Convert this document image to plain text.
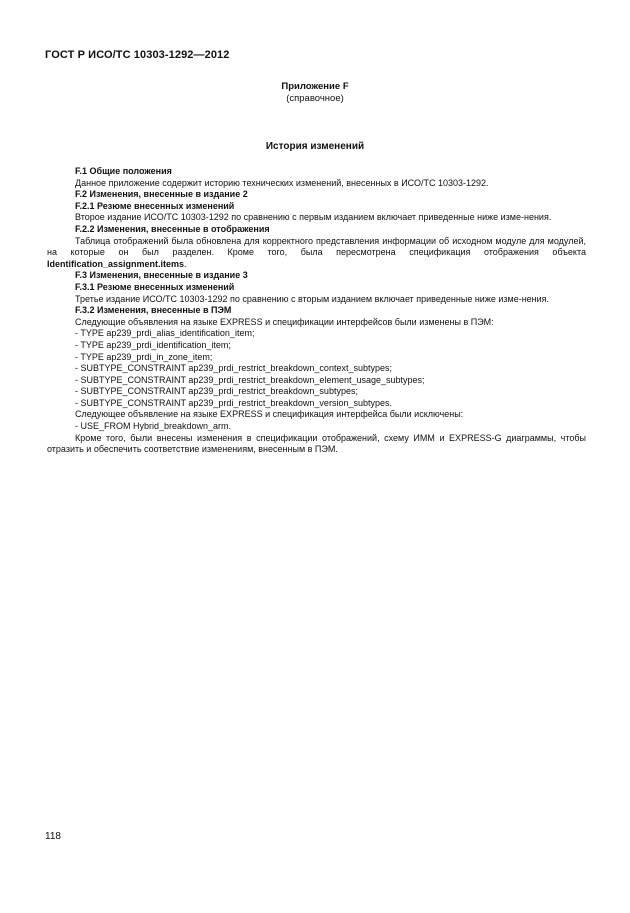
ГОСТ Р ИСО/ТС 10303-1292—2012
Приложение F
(справочное)
История изменений

F.1 Общие положения

Данное приложение содержит историю технических изменений, внесенных в ИСО/ТС 10303-1292.

F.2 Изменения, внесенные в издание 2

F.2.1 Резюме внесенных изменений

Второе издание ИСО/ТС 10303-1292 по сравнению с первым изданием включает приведенные ниже изме-нения.

F.2.2 Изменения, внесенные в отображения

Таблица отображений была обновлена для корректного представления информации об исходном модуле для модулей, на которые он был разделен. Кроме того, была пересмотрена спецификация отображения объекта Identification_assignment.items.

F.3 Изменения, внесенные в издание 3

F.3.1 Резюме внесенных изменений

Третье издание ИСО/ТС 10303-1292 по сравнению с вторым изданием включает приведенные ниже изме-нения.

F.3.2 Изменения, внесенные в ПЭМ

Следующие объявления на языке EXPRESS и спецификации интерфейсов были изменены в ПЭМ:

- TYPE ap239_prdi_alias_identification_item;

- TYPE ap239_prdi_identification_item;

- TYPE ap239_prdi_in_zone_item;

- SUBTYPE_CONSTRAINT ap239_prdi_restrict_breakdown_context_subtypes;

- SUBTYPE_CONSTRAINT ap239_prdi_restrict_breakdown_element_usage_subtypes;

- SUBTYPE_CONSTRAINT ap239_prdi_restrict_breakdown_subtypes;

- SUBTYPE_CONSTRAINT ap239_prdi_restrict_breakdown_version_subtypes.

Следующее объявление на языке EXPRESS и спецификация интерфейса были исключены:

- USE_FROM Hybrid_breakdown_arm.

Кроме того, были внесены изменения в спецификации отображений, схему ИММ и EXPRESS-G диаграммы, чтобы отразить и обеспечить соответствие изменениям, внесенным в ПЭМ.

118
